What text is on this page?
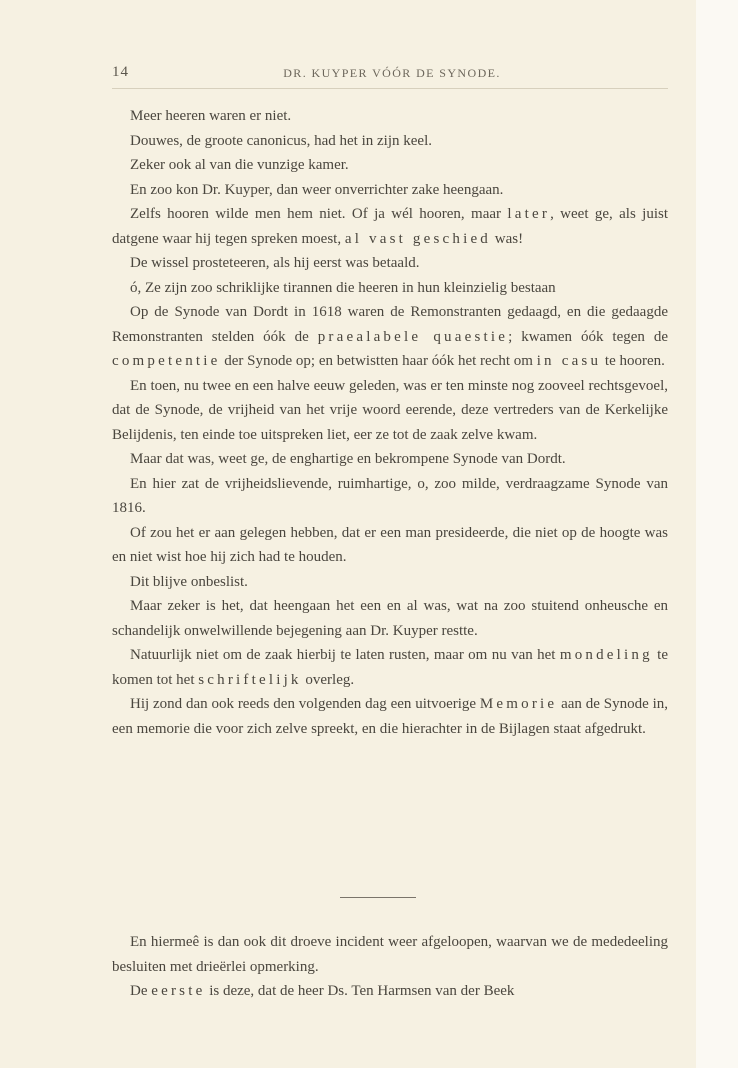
14	DR. KUYPER VÓÓR DE SYNODE.

Meer heeren waren er niet.

Douwes, de groote canonicus, had het in zijn keel.

Zeker ook al van die vunzige kamer.

En zoo kon Dr. Kuyper, dan weer onverrichter zake heengaan.

Zelfs hooren wilde men hem niet. Of ja wél hooren, maar later, weet ge, als juist datgene waar hij tegen spreken moest, al vast geschied was!

De wissel prosteteeren, als hij eerst was betaald.

ó, Ze zijn zoo schriklijke tirannen die heeren in hun kleinzielig bestaan

Op de Synode van Dordt in 1618 waren de Remonstranten gedaagd, en die gedaagde Remonstranten stelden óók de praealabele quaestie; kwamen óók tegen de competentie der Synode op; en betwistten haar óók het recht om in casu te hooren.

En toen, nu twee en een halve eeuw geleden, was er ten minste nog zooveel rechtsgevoel, dat de Synode, de vrijheid van het vrije woord eerende, deze vertreders van de Kerkelijke Belijdenis, ten einde toe uitspreken liet, eer ze tot de zaak zelve kwam.

Maar dat was, weet ge, de enghartige en bekrompene Synode van Dordt.

En hier zat de vrijheidslievende, ruimhartige, o, zoo milde, verdraagzame Synode van 1816.

Of zou het er aan gelegen hebben, dat er een man presideerde, die niet op de hoogte was en niet wist hoe hij zich had te houden.

Dit blijve onbeslist.

Maar zeker is het, dat heengaan het een en al was, wat na zoo stuitend onheusche en schandelijk onwelwillende bejegening aan Dr. Kuyper restte.

Natuurlijk niet om de zaak hierbij te laten rusten, maar om nu van het mondeling te komen tot het schriftelijk overleg.

Hij zond dan ook reeds den volgenden dag een uitvoerige Memorie aan de Synode in, een memorie die voor zich zelve spreekt, en die hierachter in de Bijlagen staat afgedrukt.

En hiermeê is dan ook dit droeve incident weer afgeloopen, waarvan we de mededeeling besluiten met drieërlei opmerking.

De eerste is deze, dat de heer Ds. Ten Harmsen van der Beek
